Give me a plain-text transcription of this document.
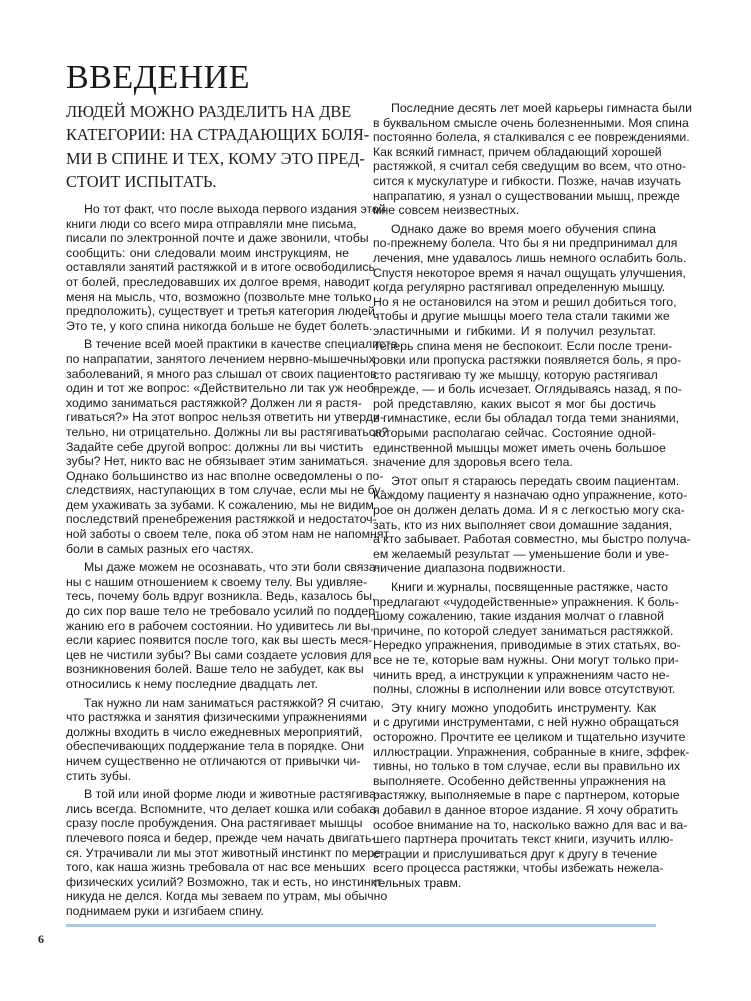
ВВЕДЕНИЕ
ЛЮДЕЙ МОЖНО РАЗДЕЛИТЬ НА ДВЕ
КАТЕГОРИИ: НА СТРАДАЮЩИХ БОЛЯ-
МИ В СПИНЕ И ТЕХ, КОМУ ЭТО ПРЕД-
СТОИТ ИСПЫТАТЬ.
Но тот факт, что после выхода первого издания этой
книги люди со всего мира отправляли мне письма,
писали по электронной почте и даже звонили, чтобы
сообщить: они следовали моим инструкциям, не
оставляли занятий растяжкой и в итоге освободились
от болей, преследовавших их долгое время, наводит
меня на мысль, что, возможно (позвольте мне только
предположить), существует и третья категория людей.
Это те, у кого спина никогда больше не будет болеть.
В течение всей моей практики в качестве специалиста
по напрапатии, занятого лечением нервно-мышечных
заболеваний, я много раз слышал от своих пациентов
один и тот же вопрос: «Действительно ли так уж необ-
ходимо заниматься растяжкой? Должен ли я растя-
гиваться?» На этот вопрос нельзя ответить ни утверди-
тельно, ни отрицательно. Должны ли вы растягиваться?
Задайте себе другой вопрос: должны ли вы чистить
зубы? Нет, никто вас не обязывает этим заниматься.
Однако большинство из нас вполне осведомлены о по-
следствиях, наступающих в том случае, если мы не бу-
дем ухаживать за зубами. К сожалению, мы не видим
последствий пренебрежения растяжкой и недостаточ-
ной заботы о своем теле, пока об этом нам не напомнят
боли в самых разных его частях.
Мы даже можем не осознавать, что эти боли связа-
ны с нашим отношением к своему телу. Вы удивляе-
тесь, почему боль вдруг возникла. Ведь, казалось бы,
до сих пор ваше тело не требовало усилий по поддер-
жанию его в рабочем состоянии. Но удивитесь ли вы,
если кариес появится после того, как вы шесть меся-
цев не чистили зубы? Вы сами создаете условия для
возникновения болей. Ваше тело не забудет, как вы
относились к нему последние двадцать лет.
Так нужно ли нам заниматься растяжкой? Я считаю,
что растяжка и занятия физическими упражнениями
должны входить в число ежедневных мероприятий,
обеспечивающих поддержание тела в порядке. Они
ничем существенно не отличаются от привычки чи-
стить зубы.
В той или иной форме люди и животные растягива-
лись всегда. Вспомните, что делает кошка или собака
сразу после пробуждения. Она растягивает мышцы
плечевого пояса и бедер, прежде чем начать двигать-
ся. Утрачивали ли мы этот животный инстинкт по мере
того, как наша жизнь требовала от нас все меньших
физических усилий? Возможно, так и есть, но инстинкт
никуда не делся. Когда мы зеваем по утрам, мы обычно
поднимаем руки и изгибаем спину.
Последние десять лет моей карьеры гимнаста были
в буквальном смысле очень болезненными. Моя спина
постоянно болела, я сталкивался с ее повреждениями.
Как всякий гимнаст, причем обладающий хорошей
растяжкой, я считал себя сведущим во всем, что отно-
сится к мускулатуре и гибкости. Позже, начав изучать
напрапатию, я узнал о существовании мышц, прежде
мне совсем неизвестных.
Однако даже во время моего обучения спина
по-прежнему болела. Что бы я ни предпринимал для
лечения, мне удавалось лишь немного ослабить боль.
Спустя некоторое время я начал ощущать улучшения,
когда регулярно растягивал определенную мышцу.
Но я не остановился на этом и решил добиться того,
чтобы и другие мышцы моего тела стали такими же
эластичными и гибкими. И я получил результат.
Теперь спина меня не беспокоит. Если после трени-
ровки или пропуска растяжки появляется боль, я про-
сто растягиваю ту же мышцу, которую растягивал
прежде, — и боль исчезает. Оглядываясь назад, я по-
рой представляю, каких высот я мог бы достичь
в гимнастике, если бы обладал тогда теми знаниями,
которыми располагаю сейчас. Состояние одной-
единственной мышцы может иметь очень большое
значение для здоровья всего тела.
Этот опыт я стараюсь передать своим пациентам.
Каждому пациенту я назначаю одно упражнение, кото-
рое он должен делать дома. И я с легкостью могу ска-
зать, кто из них выполняет свои домашние задания,
а кто забывает. Работая совместно, мы быстро получа-
ем желаемый результат — уменьшение боли и уве-
личение диапазона подвижности.
Книги и журналы, посвященные растяжке, часто
предлагают «чудодейственные» упражнения. К боль-
шому сожалению, такие издания молчат о главной
причине, по которой следует заниматься растяжкой.
Нередко упражнения, приводимые в этих статьях, во-
все не те, которые вам нужны. Они могут только при-
чинить вред, а инструкции к упражнениям часто не-
полны, сложны в исполнении или вовсе отсутствуют.
Эту книгу можно уподобить инструменту. Как
и с другими инструментами, с ней нужно обращаться
осторожно. Прочтите ее целиком и тщательно изучите
иллюстрации. Упражнения, собранные в книге, эффек-
тивны, но только в том случае, если вы правильно их
выполняете. Особенно действенны упражнения на
растяжку, выполняемые в паре с партнером, которые
я добавил в данное второе издание. Я хочу обратить
особое внимание на то, насколько важно для вас и ва-
шего партнера прочитать текст книги, изучить иллю-
страции и прислушиваться друг к другу в течение
всего процесса растяжки, чтобы избежать нежела-
тельных травм.
6
